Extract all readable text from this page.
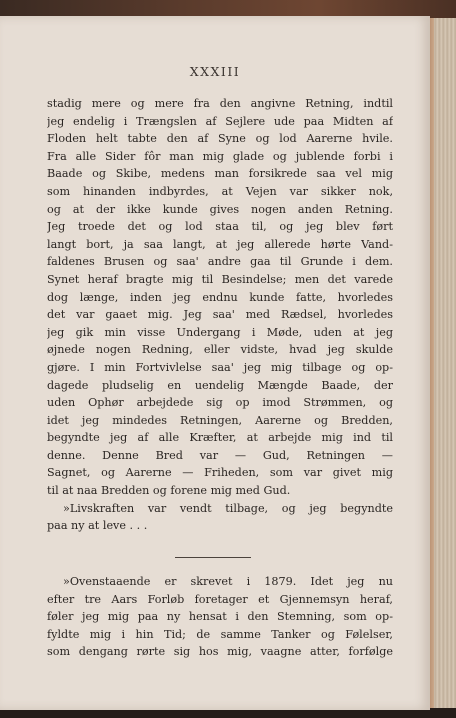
XXXIII

stadig mere og mere fra den angivne Retning, indtil
jeg endelig i Trængslen af Sejlere ude paa Midten af
Floden helt tabte den af Syne og lod Aarerne hvile.
Fra alle Sider fôr man mig glade og jublende forbi i
Baade og Skibe, medens man forsikrede saa vel mig
som hinanden indbyrdes, at Vejen var sikker nok,
og at der ikke kunde gives nogen anden Retning.
Jeg troede det og lod staa til, og jeg blev ført
langt bort, ja saa langt, at jeg allerede hørte Vand-
faldenes Brusen og saa' andre gaa til Grunde i dem.
Synet heraf bragte mig til Besindelse; men det varede
dog længe, inden jeg endnu kunde fatte, hvorledes
det var gaaet mig. Jeg saa' med Rædsel, hvorledes
jeg gik min visse Undergang i Møde, uden at jeg
øjnede nogen Redning, eller vidste, hvad jeg skulde
gjøre. I min Fortvivlelse saa' jeg mig tilbage og op-
dagede pludselig en uendelig Mængde Baade, der
uden Ophør arbejdede sig op imod Strømmen, og
idet jeg mindedes Retningen, Aarerne og Bredden,
begyndte jeg af alle Kræfter, at arbejde mig ind til
denne. Denne Bred var — Gud, Retningen —
Sagnet, og Aarerne — Friheden, som var givet mig
til at naa Bredden og forene mig med Gud.
»Livskraften var vendt tilbage, og jeg begyndte
paa ny at leve . . .
»Ovenstaaende er skrevet i 1879. Idet jeg nu
efter tre Aars Forløb foretager et Gjennemsyn heraf,
føler jeg mig paa ny hensat i den Stemning, som op-
fyldte mig i hin Tid; de samme Tanker og Følelser,
som dengang rørte sig hos mig, vaagne atter, forfølge
